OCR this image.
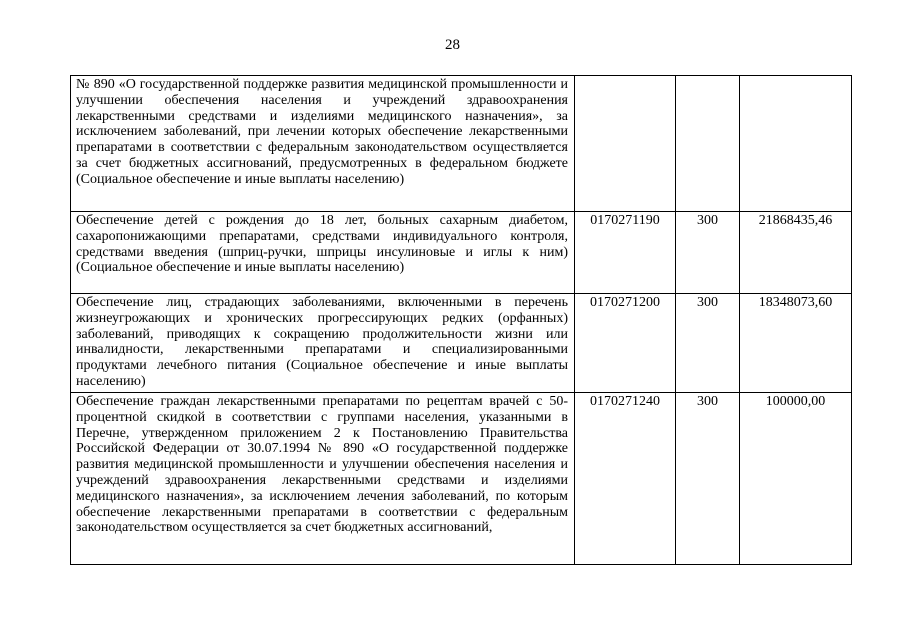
28
№ 890 «О государственной поддержке развития медицинской промышленности и улучшении обеспечения населения и учреждений здравоохранения лекарственными средствами и изделиями медицинского назначения», за исключением заболеваний, при лечении которых обеспечение лекарственными препаратами в соответствии с федеральным законодательством осуществляется за счет бюджетных ассигнований, предусмотренных в федеральном бюджете (Социальное обеспечение и иные выплаты населению)			
Обеспечение детей с рождения до 18 лет, больных сахарным диабетом, сахаропонижающими препаратами, средствами индивидуального контроля, средствами введения (шприц-ручки, шприцы инсулиновые и иглы к ним) (Социальное обеспечение и иные выплаты населению)	0170271190	300	21868435,46
Обеспечение лиц, страдающих заболеваниями, включенными в перечень жизнеугрожающих и хронических прогрессирующих редких (орфанных) заболеваний, приводящих к сокращению продолжительности жизни или инвалидности, лекарственными препаратами и специализированными продуктами лечебного питания (Социальное обеспечение и иные выплаты населению)	0170271200	300	18348073,60

Обеспечение граждан лекарственными препаратами по рецептам врачей с 50-процентной скидкой в соответствии с группами населения, указанными в Перечне, утвержденном приложением 2 к Постановлению Правительства Российской Федерации от 30.07.1994 № 890 «О государственной поддержке развития медицинской промышленности и улучшении обеспечения населения и учреждений здравоохранения лекарственными средствами и изделиями медицинского назначения», за исключением лечения заболеваний, по которым обеспечение лекарственными препаратами в соответствии с федеральным законодательством осуществляется за счет бюджетных ассигнований,	0170271240	300	100000,00
